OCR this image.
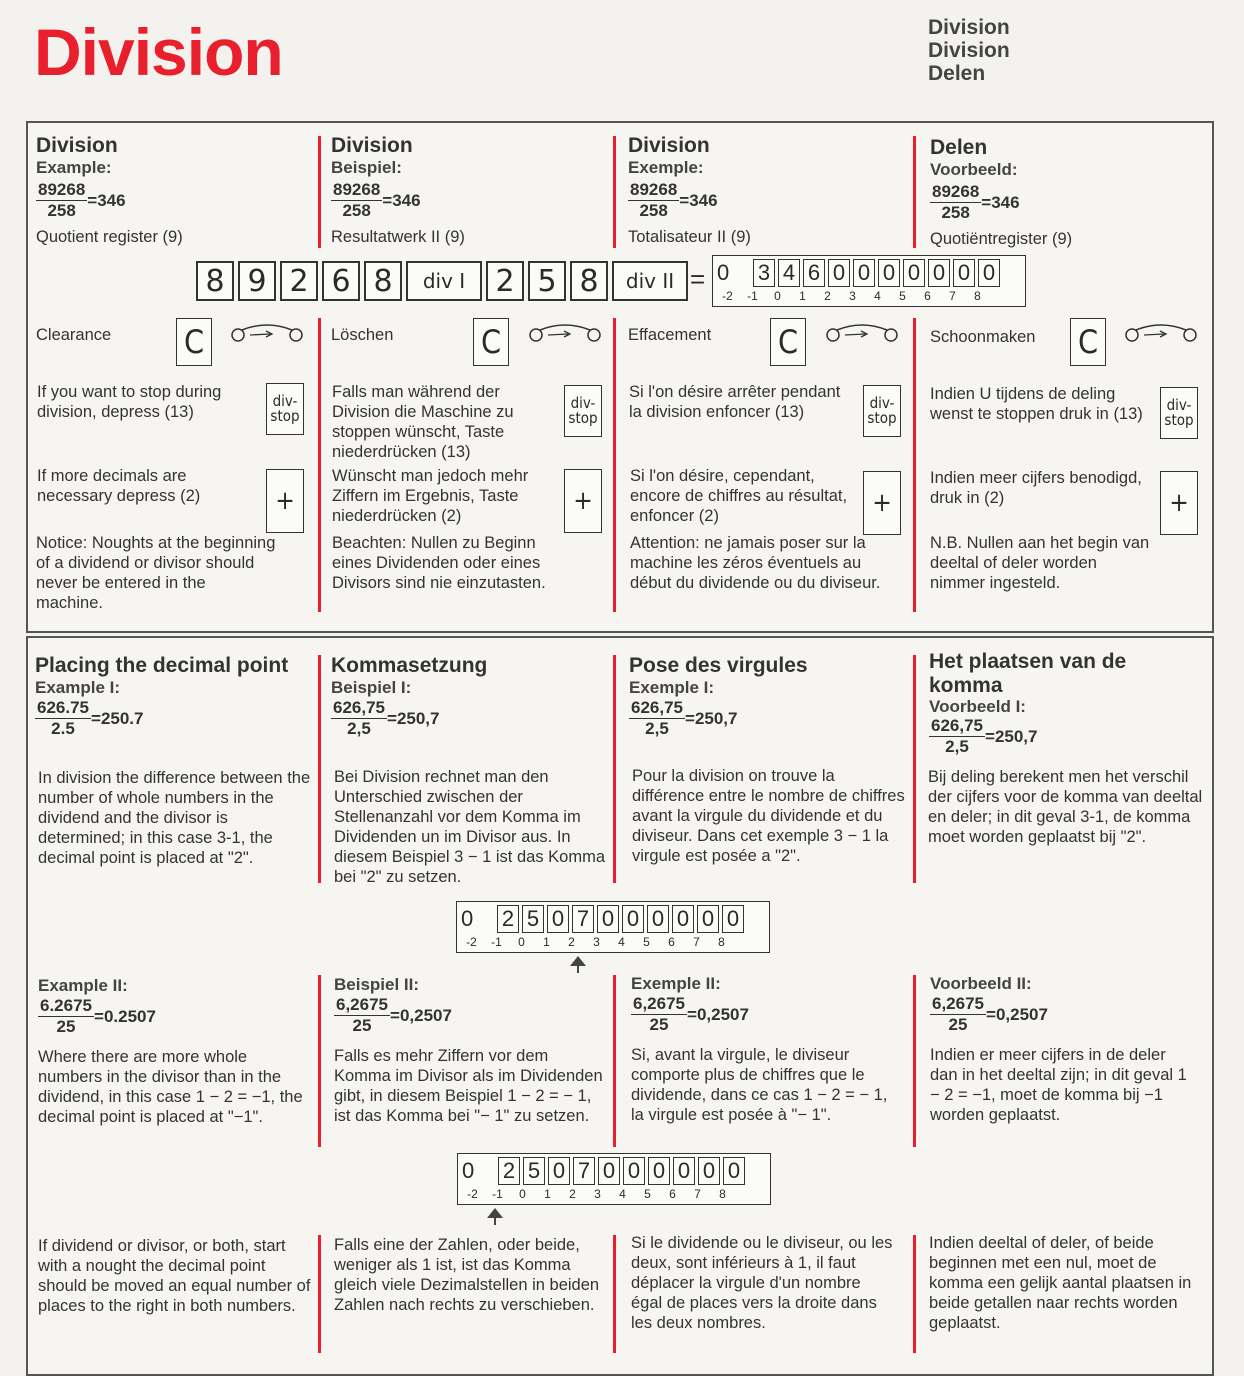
Division	Division
Division
Delen
Division
Example:
$\frac{89268}{258} =346$
Quotient register (9)
Division
Beispiel:
$\frac{89268}{258} =346$
Resultatwerk II (9)
Division
Exemple:
$\frac{89268}{258} =346$
Totalisateur II (9)
Delen
Voorbeeld:
$\frac{89268}{258} =346$
Quotiëntregister (9)
8 9 2 6 8	div I	2 5 8	div II = 0 3 4 6 0 0 0 0 0 0 0
-2	-1	0	1	2	3	4	5	6	7	8
Clearance	Löschen	Effacement	Schoonmaken
C	C	C	C
If you want to stop during division, depress (13)
Falls man während der Division die Maschine zu stoppen wünscht, Taste niederdrücken (13)
Si l'on désire arrêter pendant la division enfoncer (13)
Indien U tijdens de deling wenst te stoppen druk in (13)
div-
stop
div-
stop
div-
stop
div-
stop
If more decimals are necessary depress (2)
Wünscht man jedoch mehr Ziffern im Ergebnis, Taste niederdrücken (2)
Si l'on désire, cependant, encore de chiffres au résultat, enfoncer (2)
Indien meer cijfers benodigd, druk in (2)
+	+	+	+
Notice: Noughts at the beginning of a dividend or divisor should never be entered in the machine.
Beachten: Nullen zu Beginn eines Dividenden oder eines Divisors sind nie einzutasten.
Attention: ne jamais poser sur la machine les zéros éventuels au début du dividende ou du diviseur.
N.B. Nullen aan het begin van deeltal of deler worden nimmer ingesteld.
Placing the decimal point
Example I:
$\frac{626.75}{2.5} =250.7$
In division the difference between the number of whole numbers in the dividend and the divisor is determined; in this case 3-1, the decimal point is placed at "2".
Kommasetzung
Beispiel I:
$\frac{626,75}{2,5} =250,7$
Bei Division rechnet man den Unterschied zwischen der Stellenanzahl vor dem Komma im Dividenden un im Divisor aus. In diesem Beispiel 3 − 1 ist das Komma bei "2" zu setzen.
Pose des virgules
Exemple I:
$\frac{626,75}{2,5} =250,7$
Pour la division on trouve la différence entre le nombre de chiffres avant la virgule du dividende et du diviseur. Dans cet exemple 3 − 1 la virgule est posée a "2".
Het plaatsen van de komma
Voorbeeld I:
$\frac{626,75}{2,5} =250,7$
Bij deling berekent men het verschil der cijfers voor de komma van deeltal en deler; in dit geval 3-1, de komma moet worden geplaatst bij "2".
0 2 5 0 7 0 0 0 0 0 0
-2	-1	0	1	2	3	4	5	6	7	8
Example II:
$\frac{6.2675}{25} =0.2507$
Where there are more whole numbers in the divisor than in the dividend, in this case 1 − 2 = −1, the decimal point is placed at "−1".
Beispiel II:
$\frac{6,2675}{25} =0,2507$
Falls es mehr Ziffern vor dem Komma im Divisor als im Dividenden gibt, in diesem Beispiel 1 − 2 = − 1, ist das Komma bei "− 1" zu setzen.
Exemple II:
$\frac{6,2675}{25} =0,2507$
Si, avant la virgule, le diviseur comporte plus de chiffres que le dividende, dans ce cas 1 − 2 = − 1, la virgule est posée à "− 1".
Voorbeeld II:
$\frac{6,2675}{25} =0,2507$
Indien er meer cijfers in de deler dan in het deeltal zijn; in dit geval 1 − 2 = −1, moet de komma bij −1 worden geplaatst.
0 2 5 0 7 0 0 0 0 0 0
-2	-1	0	1	2	3	4	5	6	7	8
If dividend or divisor, or both, start with a nought the decimal point should be moved an equal number of places to the right in both numbers.
Falls eine der Zahlen, oder beide, weniger als 1 ist, ist das Komma gleich viele Dezimalstellen in beiden Zahlen nach rechts zu verschieben.
Si le dividende ou le diviseur, ou les deux, sont inférieurs à 1, il faut déplacer la virgule d'un nombre égal de places vers la droite dans les deux nombres.
Indien deeltal of deler, of beide beginnen met een nul, moet de komma een gelijk aantal plaatsen in beide getallen naar rechts worden geplaatst.
